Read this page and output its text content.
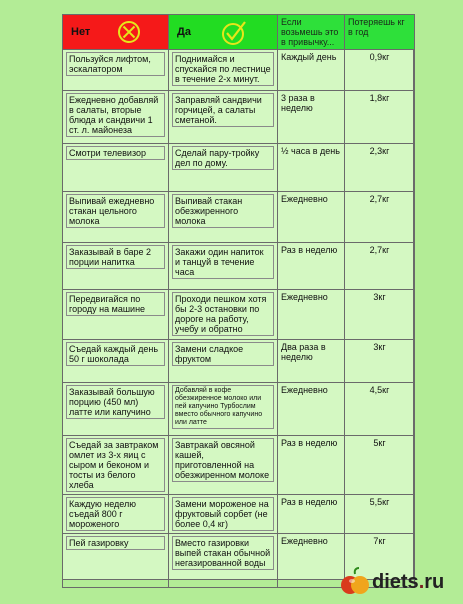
Нет	Да	Если возьмешь это в привычку...	Потеряешь кг в год

Пользуйся лифтом, эскалатором	Поднимайся и спускайся по лестнице в течение 2-х минут.	Каждый день	0,9кг

Ежедневно добавляй в салаты, вторые блюда и сандвичи 1 ст. л. майонеза	Заправляй сандвичи горчицей, а салаты сметаной.	3 раза в неделю	1,8кг

Смотри телевизор	Сделай пару-тройку дел по дому.	½ часа в день	2,3кг

Выпивай ежедневно стакан цельного молока	Выпивай стакан обезжиренного молока	Ежедневно	2,7кг

Заказывай в баре 2 порции напитка	Закажи один напиток и танцуй в течение часа	Раз в неделю	2,7кг

Передвигайся по городу на машине	Проходи пешком хотя бы 2-3 остановки по дороге на работу, учебу и обратно	Ежедневно	3кг

Съедай каждый день 50 г шоколада	Замени сладкое фруктом	Два раза в неделю	3кг

Заказывай большую порцию (450 мл) латте или капучино	Добавляй в кофе обезжиренное молоко или пей капучино Турбослим вместо обычного капучино или латте	Ежедневно	4,5кг

Съедай за завтраком омлет из 3-х яиц с сыром и беконом и тосты из белого хлеба	Завтракай овсяной кашей, приготовленной на обезжиренном молоке	Раз в неделю	5кг

Каждую неделю съедай 800 г мороженого	Замени мороженое на фруктовый сорбет (не более 0,4 кг)	Раз в неделю	5,5кг

Пей газировку	Вместо газировки выпей стакан обычной негазированной воды	Ежедневно	7кг
diets.ru
